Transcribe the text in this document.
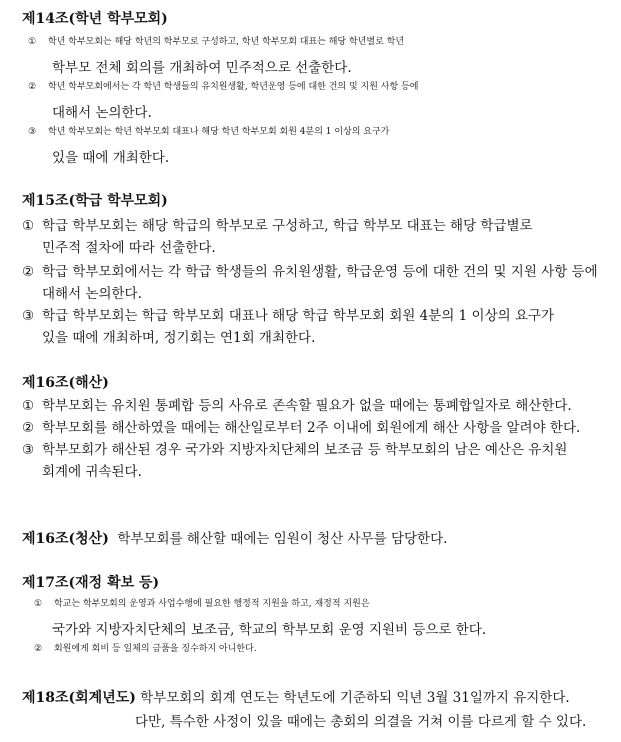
제14조(학년 학부모회)
① 학년 학부모회는 해당 학년의 학부모로 구성하고, 학년 학부모회 대표는 해당 학년별로 학년
학부모 전체 회의를 개최하여 민주적으로 선출한다.
② 학년 학부모회에서는 각 학년 학생들의 유치원생활, 학년운영 등에 대한 건의 및 지원 사항 등에
대해서 논의한다.
③ 학년 학부모회는 학년 학부모회 대표나 해당 학년 학부모회 회원 4분의 1 이상의 요구가
있을 때에 개최한다.
제15조(학급 학부모회)
① 학급 학부모회는 해당 학급의 학부모로 구성하고, 학급 학부모 대표는 해당 학급별로
민주적 절차에 따라 선출한다.
② 학급 학부모회에서는 각 학급 학생들의 유치원생활, 학급운영 등에 대한 건의 및 지원 사항 등에
대해서 논의한다.
③ 학급 학부모회는 학급 학부모회 대표나 해당 학급 학부모회 회원 4분의 1 이상의 요구가
있을 때에 개최하며, 정기회는 연1회 개최한다.
제16조(해산)
① 학부모회는 유치원 통폐합 등의 사유로 존속할 필요가 없을 때에는 통폐합일자로 해산한다.
② 학부모회를 해산하였을 때에는 해산일로부터 2주 이내에 회원에게 해산 사항을 알려야 한다.
③ 학부모회가 해산된 경우 국가와 지방자치단체의 보조금 등 학부모회의 남은 예산은 유치원
회계에 귀속된다.
제16조(청산) 학부모회를 해산할 때에는 임원이 청산 사무를 담당한다.
제17조(재정 확보 등)
① 학교는 학부모회의 운영과 사업수행에 필요한 행정적 지원을 하고, 재정적 지원은
국가와 지방자치단체의 보조금, 학교의 학부모회 운영 지원비 등으로 한다.
② 회원에게 회비 등 일체의 금품을 징수하지 아니한다.
제18조(회계년도) 학부모회의 회계 연도는 학년도에 기준하되 익년 3월 31일까지 유지한다.
다만, 특수한 사정이 있을 때에는 총회의 의결을 거쳐 이를 다르게 할 수 있다.
